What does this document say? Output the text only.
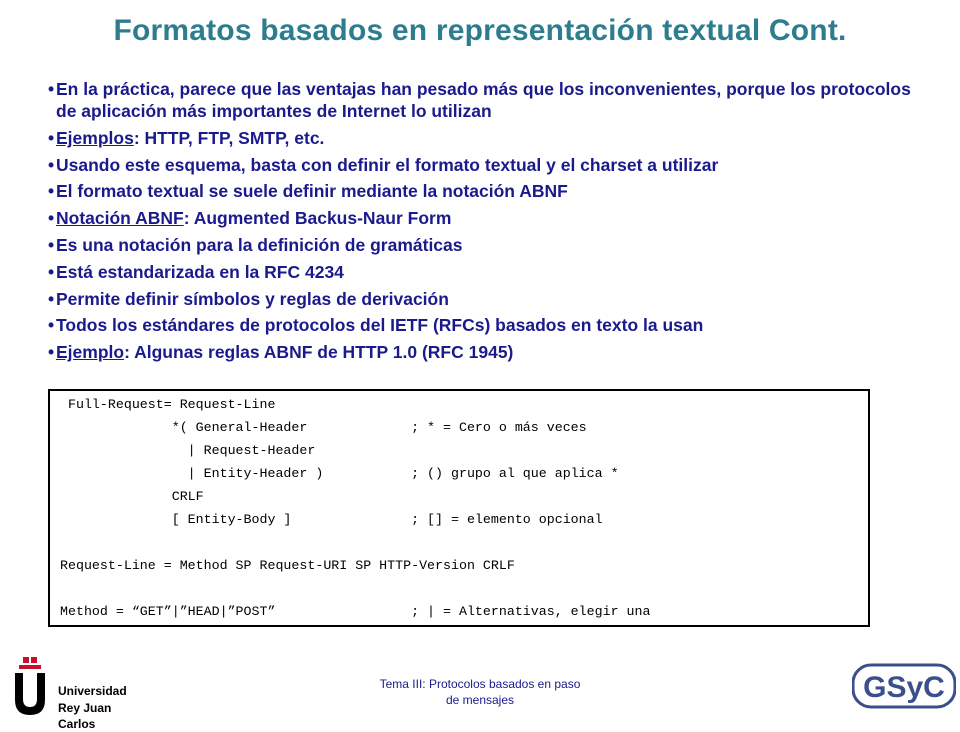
Formatos basados en representación textual Cont.
• En la práctica, parece que las ventajas han pesado más que los inconvenientes, porque los protocolos de aplicación más importantes de Internet lo utilizan
• Ejemplos: HTTP, FTP, SMTP, etc.
• Usando este esquema, basta con definir el formato textual y el charset a utilizar
• El formato textual se suele definir mediante la notación ABNF
• Notación ABNF: Augmented Backus-Naur Form
• Es una notación para la definición de gramáticas
• Está estandarizada en la RFC 4234
• Permite definir símbolos y reglas de derivación
• Todos los estándares de protocolos del IETF (RFCs) basados en texto la usan
• Ejemplo: Algunas reglas ABNF de HTTP 1.0 (RFC 1945)
Full-Request= Request-Line
*( General-Header             ; * = Cero o más veces
| Request-Header
| Entity-Header )           ; () grupo al que aplica *
CRLF
[ Entity-Body ]               ; [] = elemento opcional
Request-Line = Method SP Request-URI SP HTTP-Version CRLF
Method = “GET”|”HEAD|”POST”                 ; | = Alternativas, elegir una
Universidad
Rey Juan Carlos
Tema III: Protocolos basados en paso
de mensajes	GSyC
